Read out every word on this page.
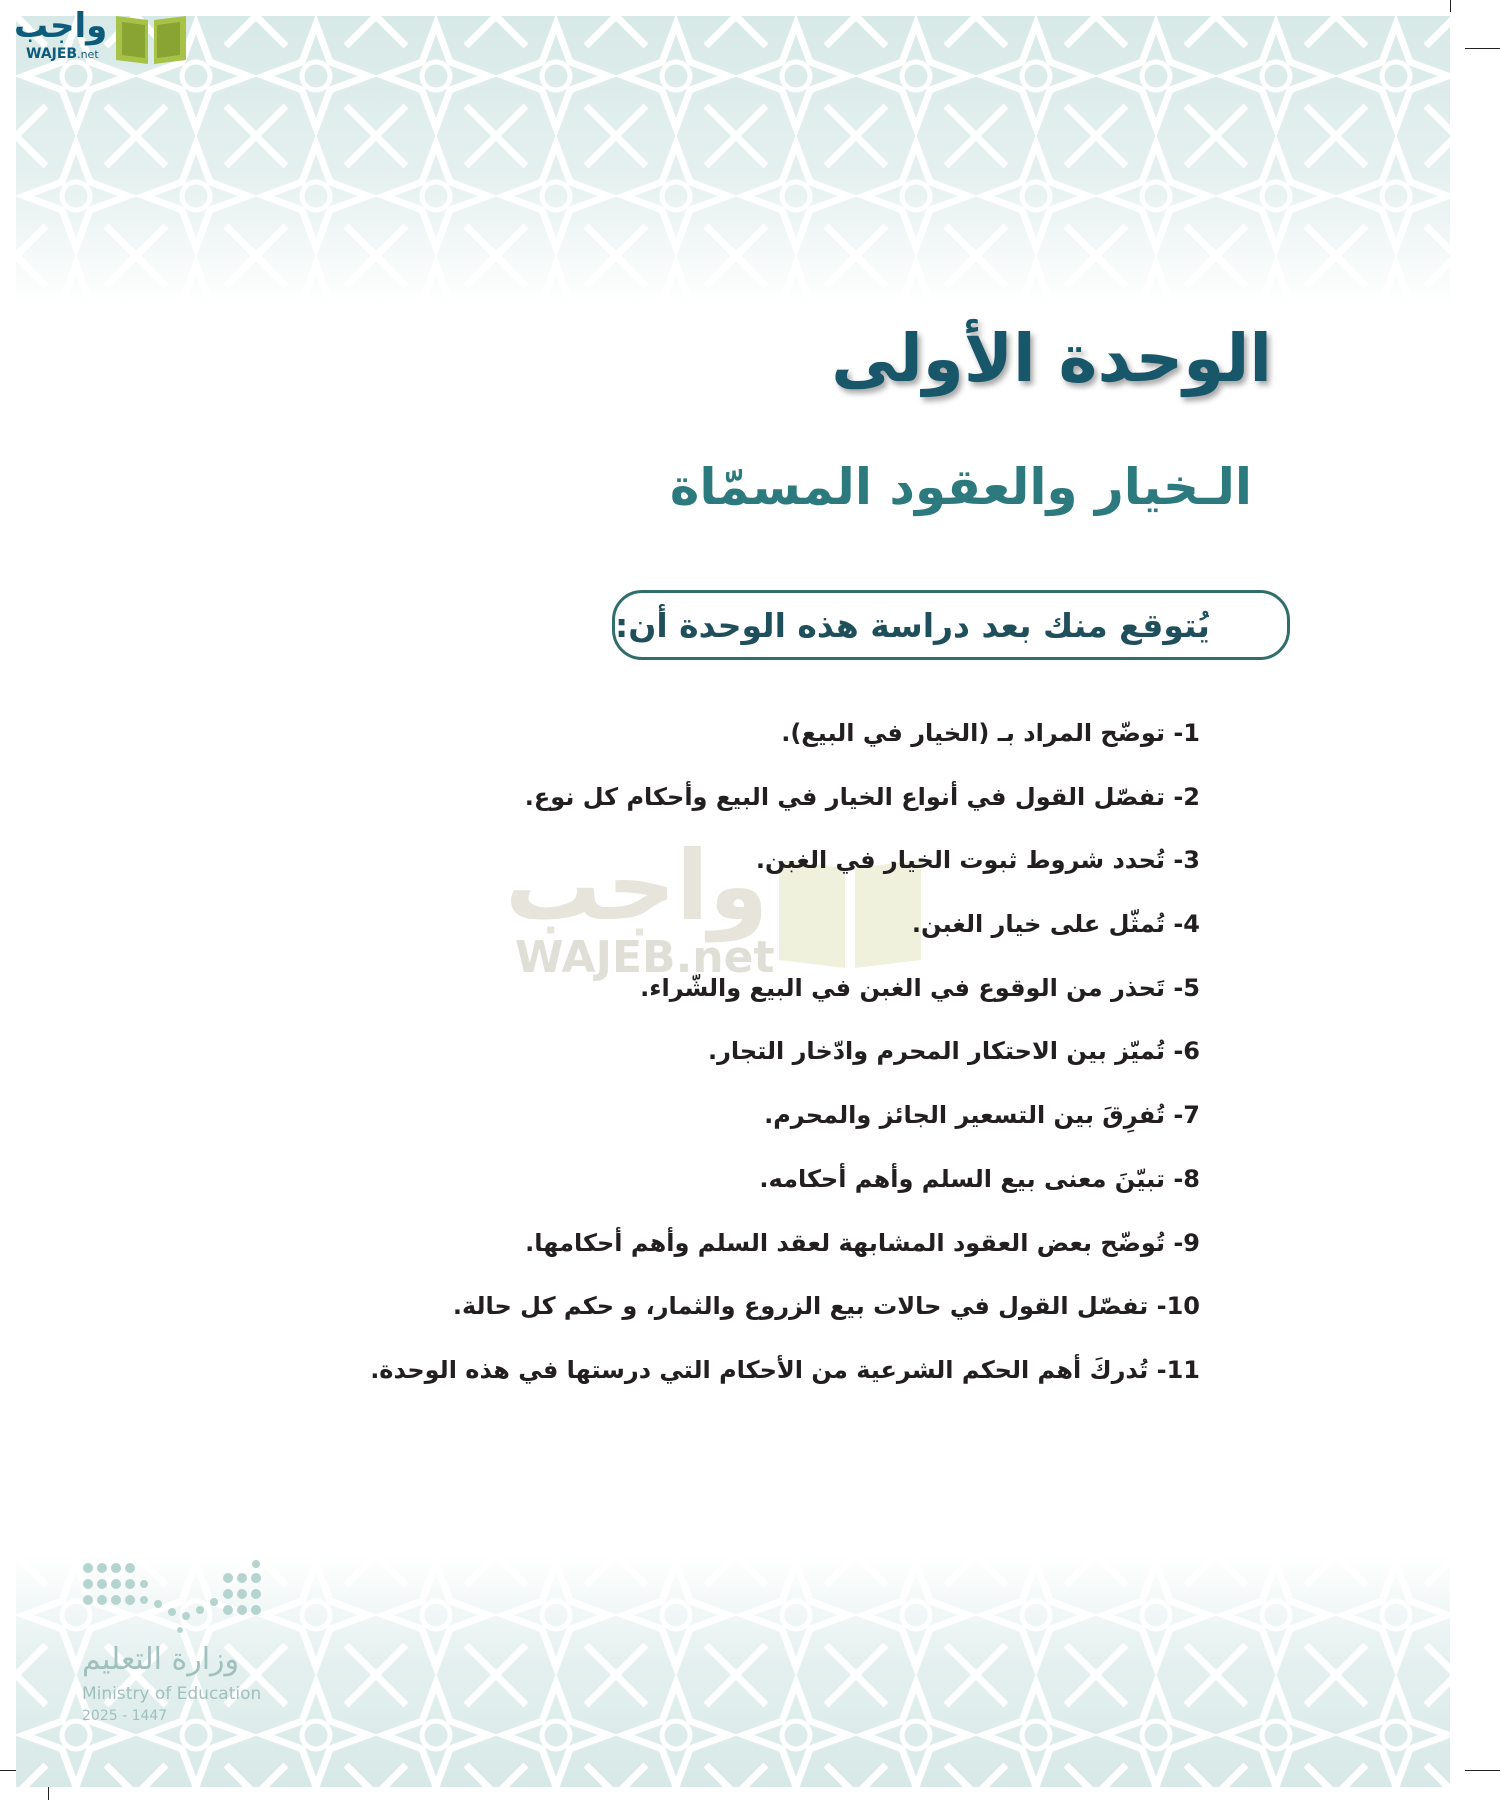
واجب
WAJEB.net
الوحدة الأولى
الـخيار والعقود المسمّاة
يُتوقع منك بعد دراسة هذه الوحدة أن:
واجب
WAJEB.net
1- توضّح المراد بـ (الخيار في البيع).
2- تفصّل القول في أنواع الخيار في البيع وأحكام كل نوع.
3- تُحدد شروط ثبوت الخيار في الغبن.
4- تُمثّل على خيار الغبن.
5- تَحذر من الوقوع في الغبن في البيع والشّراء.
6- تُميّز بين الاحتكار المحرم وادّخار التجار.
7- تُفرِقَ بين التسعير الجائز والمحرم.
8- تبيّنَ معنى بيع السلم وأهم أحكامه.
9- تُوضّح بعض العقود المشابهة لعقد السلم وأهم أحكامها.
10- تفصّل القول في حالات بيع الزروع والثمار، و حكم كل حالة.
11- تُدركَ أهم الحكم الشرعية من الأحكام التي درستها في هذه الوحدة.
وزارة التعليم
Ministry of Education
2025 - 1447
